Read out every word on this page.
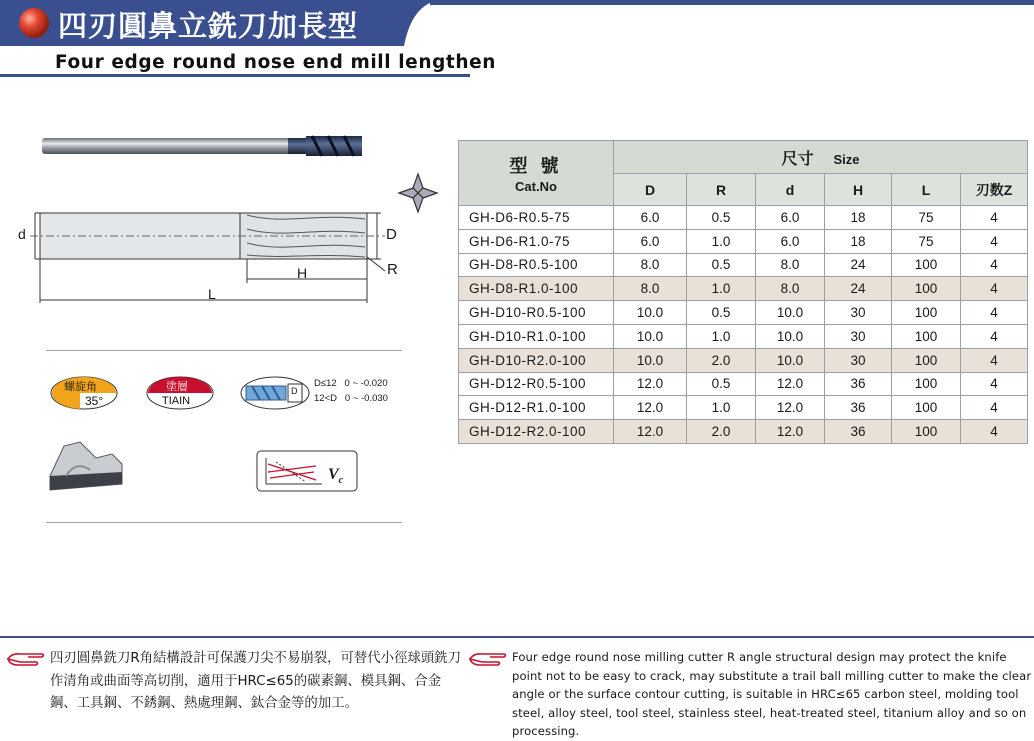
四刃圓鼻立銑刀加長型
Four edge round nose end mill lengthen
d	D
H
L
R
螺旋角
35°
塗層
TIAIN
D
D≤12   0 ~ -0.020
12<D   0 ~ -0.030
$V_c$
型 號
Cat.No	尺寸 Size					
	D	R	d	H	L	刃数Z
GH-D6-R0.5-75	6.0	0.5	6.0	18	75	4
GH-D6-R1.0-75	6.0	1.0	6.0	18	75	4
GH-D8-R0.5-100	8.0	0.5	8.0	24	100	4
GH-D8-R1.0-100	8.0	1.0	8.0	24	100	4
GH-D10-R0.5-100	10.0	0.5	10.0	30	100	4
GH-D10-R1.0-100	10.0	1.0	10.0	30	100	4
GH-D10-R2.0-100	10.0	2.0	10.0	30	100	4
GH-D12-R0.5-100	12.0	0.5	12.0	36	100	4
GH-D12-R1.0-100	12.0	1.0	12.0	36	100	4
GH-D12-R2.0-100	12.0	2.0	12.0	36	100	4
四刃圓鼻銑刀R角結構設計可保護刀尖不易崩裂，可替代小徑球頭銑刀作清角或曲面等高切削，適用于HRC≤65的碳素鋼、模具鋼、合金鋼、工具鋼、不銹鋼、熱處理鋼、鈦合金等的加工。
Four edge round nose milling cutter R angle structural design may protect the knife point not to be easy to crack, may substitute a trail ball milling cutter to make the clear angle or the surface contour cutting, is suitable in HRC≤65 carbon steel, molding tool steel, alloy steel, tool steel, stainless steel, heat-treated steel, titanium alloy and so on processing.
